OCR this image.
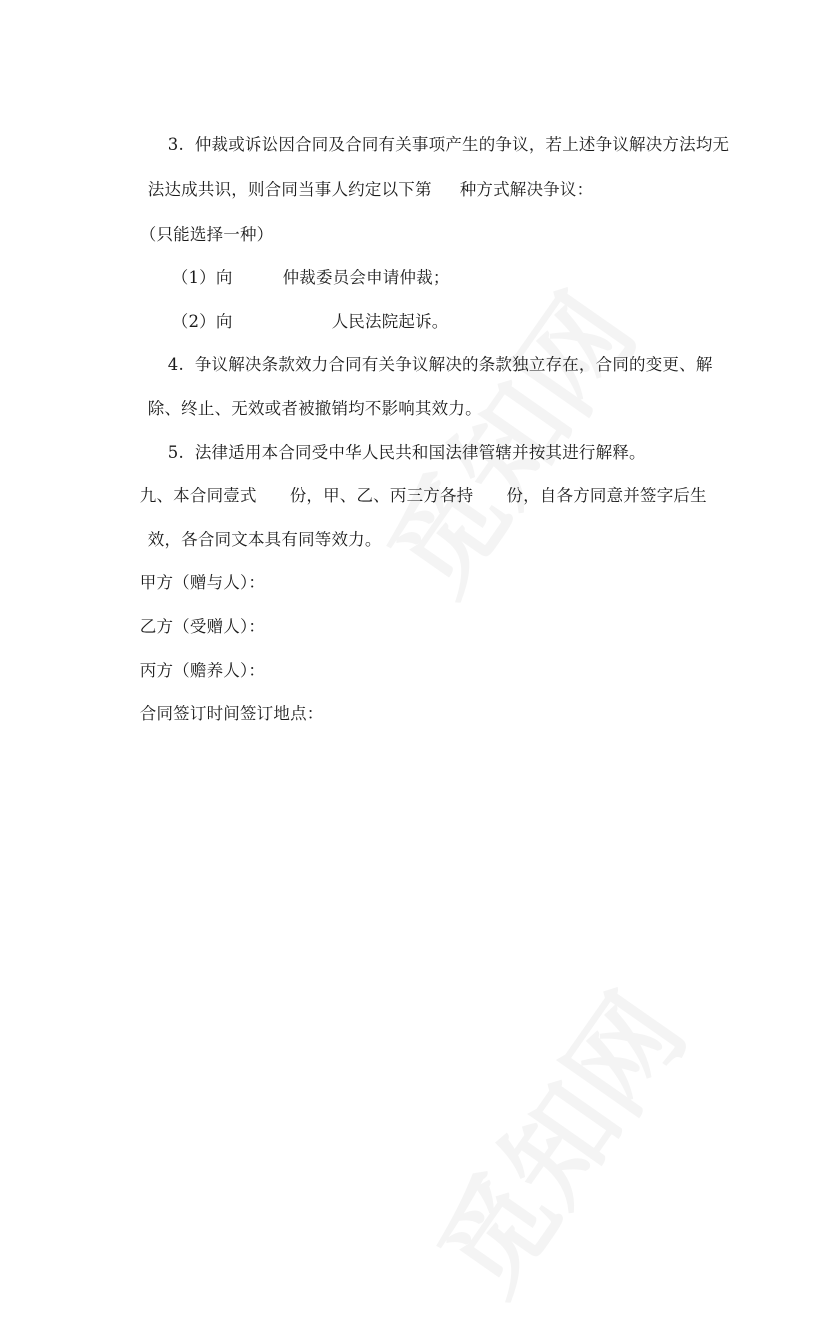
3.  仲裁或诉讼因合同及合同有关事项产生的争议，若上述争议解决方法均无

法达成共识，则合同当事人约定以下第 种方式解决争议：

（只能选择一种）

（1）向	仲裁委员会申请仲裁；

（2）向	人民法院起诉。

4.  争议解决条款效力合同有关争议解决的条款独立存在，合同的变更、解

除、终止、无效或者被撤销均不影响其效力。

5.  法律适用本合同受中华人民共和国法律管辖并按其进行解释。

九、本合同壹式 份，甲、乙、丙三方各持 份，自各方同意并签字后生

效，各合同文本具有同等效力。

甲方（赠与人）：

乙方（受赠人）：

丙方（赡养人）：

合同签订时间签订地点：
